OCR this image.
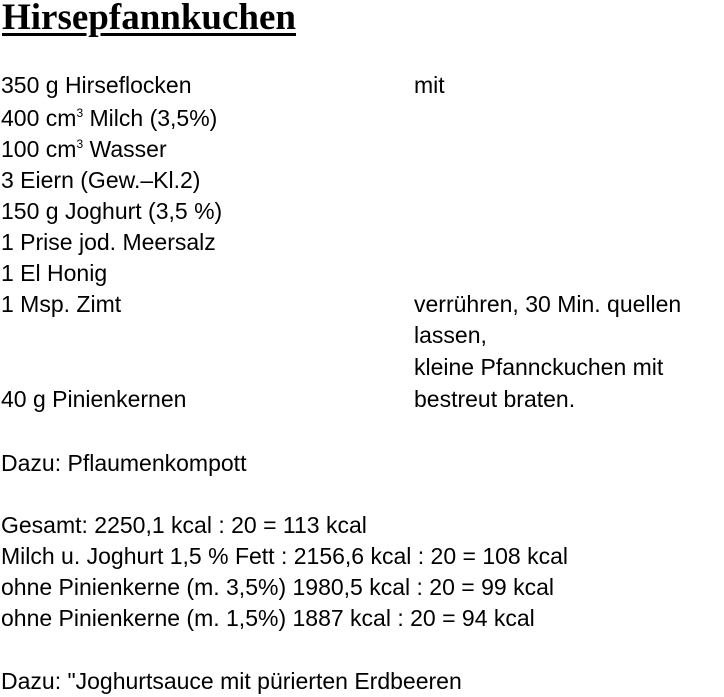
Hirsepfannkuchen
350 g Hirseflocken
400 $cm^3$ Milch (3,5%)
100 $cm^3$ Wasser
3 Eiern (Gew.–Kl.2)
150 g Joghurt (3,5 %)
1 Prise jod. Meersalz
1 El Honig
1 Msp. Zimt
40 g Pinienkernen
mit
verrühren, 30 Min. quellen
lassen,
kleine Pfannckuchen mit
bestreut braten.
Dazu: Pflaumenkompott
Gesamt: 2250,1 kcal : 20 = 113 kcal
Milch u. Joghurt 1,5 % Fett : 2156,6 kcal : 20 = 108 kcal
ohne Pinienkerne (m. 3,5%) 1980,5 kcal : 20 = 99 kcal
ohne Pinienkerne (m. 1,5%) 1887 kcal : 20 = 94 kcal
Dazu: "Joghurtsauce mit pürierten Erdbeeren
